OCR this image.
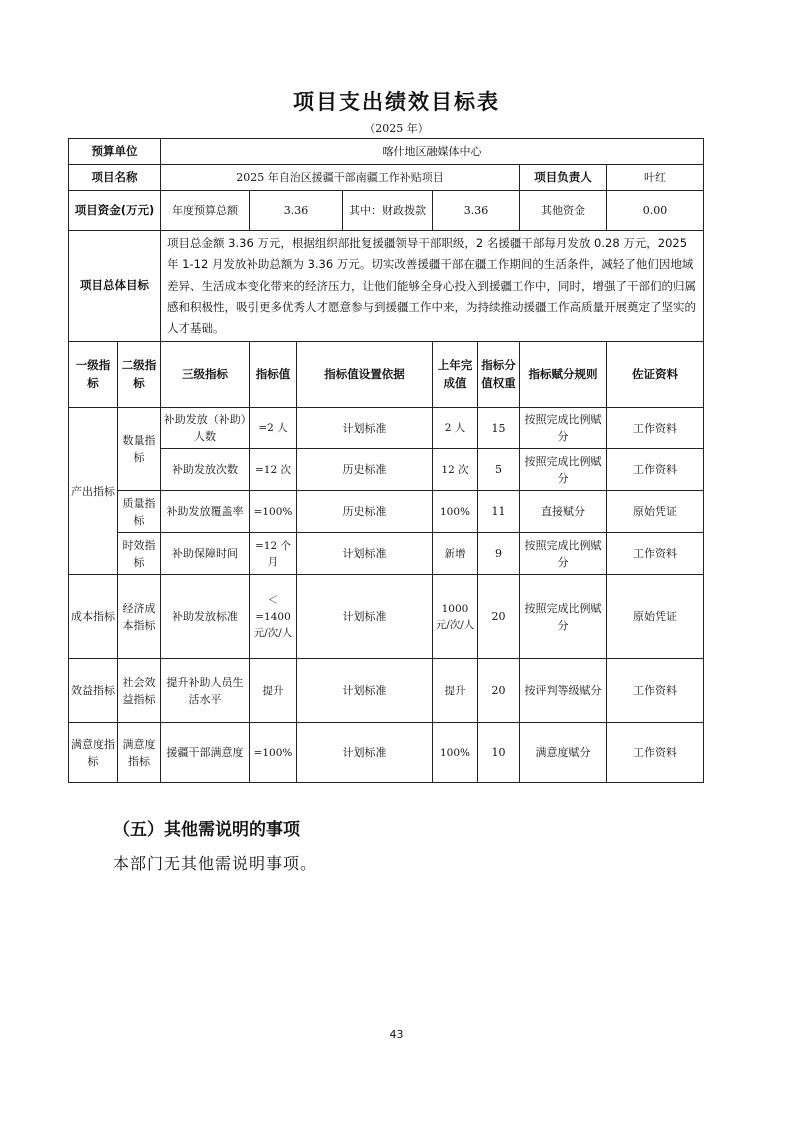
项目支出绩效目标表
（2025 年）
预算单位		喀什地区融媒体中心							
项目名称		2025 年自治区援疆干部南疆工作补贴项目						项目负责人	叶红
项目资金(万元)		年度预算总额	3.36		其中：财政拨款	3.36		其他资金	0.00
项目总体目标		项目总金额 3.36 万元，根据组织部批复援疆领导干部职级，2 名援疆干部每月发放 0.28 万元，2025 年 1-12 月发放补助总额为 3.36 万元。切实改善援疆干部在疆工作期间的生活条件，减轻了他们因地域差异、生活成本变化带来的经济压力，让他们能够全身心投入到援疆工作中，同时，增强了干部们的归属感和积极性，吸引更多优秀人才愿意参与到援疆工作中来，为持续推动援疆工作高质量开展奠定了坚实的人才基础。							
一级指标	二级指标	三级指标	指标值	指标值设置依据		上年完成值	指标分值权重	指标赋分规则	佐证资料
产出指标	数量指标	补助发放（补助）人数	=2 人	计划标准		2 人	15	按照完成比例赋分	工作资料
		补助发放次数	=12 次	历史标准		12 次	5	按照完成比例赋分	工作资料
	质量指标	补助发放覆盖率	=100%	历史标准		100%	11	直接赋分	原始凭证
	时效指标	补助保障时间	=12 个月	计划标准		新增	9	按照完成比例赋分	工作资料
成本指标	经济成本指标	补助发放标准	＜=1400 元/次/人	计划标准		1000 元/次/人	20	按照完成比例赋分	原始凭证
效益指标	社会效益指标	提升补助人员生活水平	提升	计划标准		提升	20	按评判等级赋分	工作资料
满意度指标	满意度指标	援疆干部满意度	=100%	计划标准		100%	10	满意度赋分	工作资料
（五）其他需说明的事项
本部门无其他需说明事项。
43
